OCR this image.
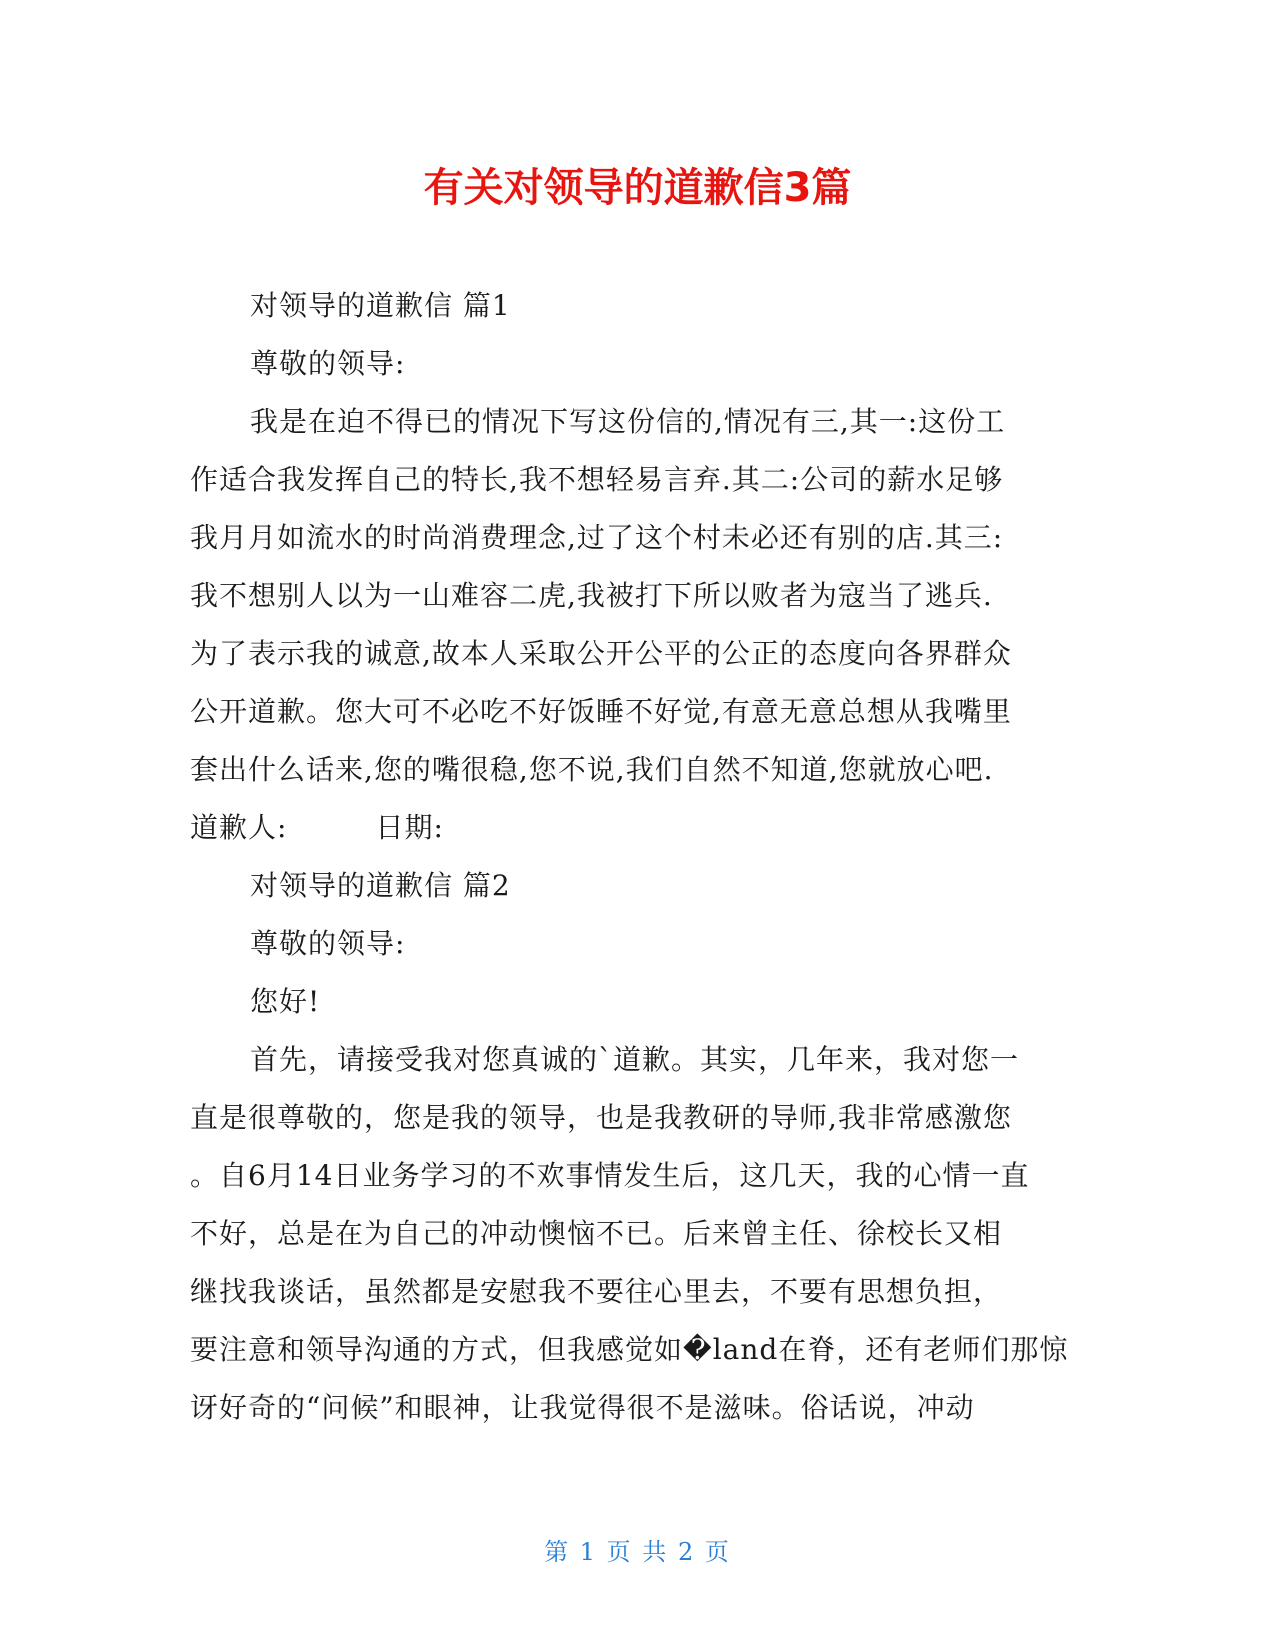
有关对领导的道歉信3篇
对领导的道歉信 篇1
尊敬的领导:
我是在迫不得已的情况下写这份信的,情况有三,其一:这份工
作适合我发挥自己的特长,我不想轻易言弃.其二:公司的薪水足够
我月月如流水的时尚消费理念,过了这个村未必还有别的店.其三:
我不想别人以为一山难容二虎,我被打下所以败者为寇当了逃兵.
为了表示我的诚意,故本人采取公开公平的公正的态度向各界群众
公开道歉。您大可不必吃不好饭睡不好觉,有意无意总想从我嘴里
套出什么话来,您的嘴很稳,您不说,我们自然不知道,您就放心吧.
道歉人:	日期:
对领导的道歉信 篇2
尊敬的领导:
您好!
首先，请接受我对您真诚的`道歉。其实，几年来，我对您一
直是很尊敬的，您是我的领导，也是我教研的导师,我非常感激您
。自6月14日业务学习的不欢事情发生后，这几天，我的心情一直
不好，总是在为自己的冲动懊恼不已。后来曾主任、徐校长又相
继找我谈话，虽然都是安慰我不要往心里去，不要有思想负担，
要注意和领导沟通的方式，但我感觉如�land在脊，还有老师们那惊
讶好奇的“问候”和眼神，让我觉得很不是滋味。俗话说，冲动
第 1 页 共 2 页
